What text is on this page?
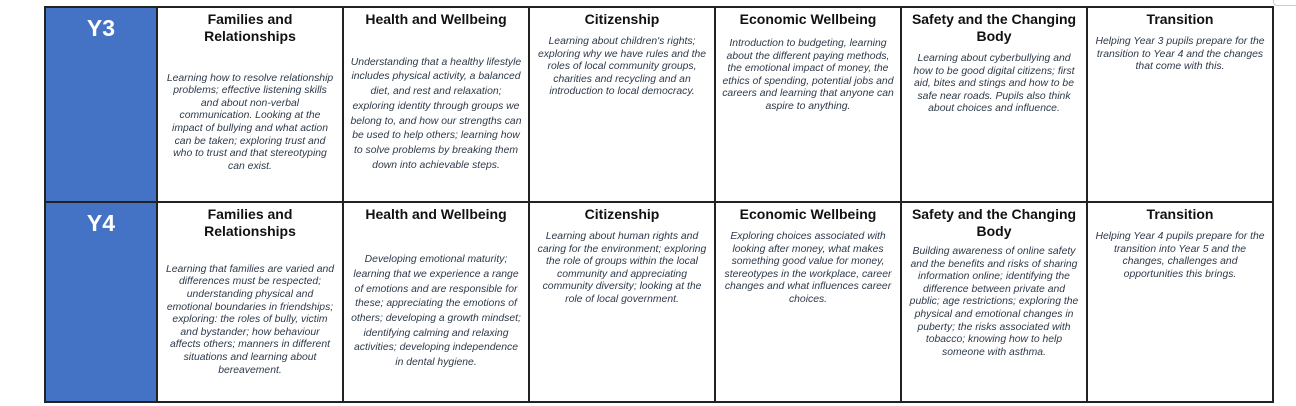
Y3	Families and Relationships
Learning how to resolve relationship problems; effective listening skills and about non-verbal communication. Looking at the impact of bullying and what action can be taken; exploring trust and who to trust and that stereotyping can exist.
Health and Wellbeing
Understanding that a healthy lifestyle includes physical activity, a balanced diet, and rest and relaxation; exploring identity through groups we belong to, and how our strengths can be used to help others; learning how to solve problems by breaking them down into achievable steps.
Citizenship
Learning about children's rights; exploring why we have rules and the roles of local community groups, charities and recycling and an introduction to local democracy.
Economic Wellbeing
Introduction to budgeting, learning about the different paying methods, the emotional impact of money, the ethics of spending, potential jobs and careers and learning that anyone can aspire to anything.
Safety and the Changing Body
Learning about cyberbullying and how to be good digital citizens; first aid, bites and stings and how to be safe near roads. Pupils also think about choices and influence.
Transition
Helping Year 3 pupils prepare for the transition to Year 4 and the changes that come with this.
Y4	Families and Relationships
Learning that families are varied and differences must be respected; understanding physical and emotional boundaries in friendships; exploring: the roles of bully, victim and bystander; how behaviour affects others; manners in different situations and learning about bereavement.
Health and Wellbeing
Developing emotional maturity; learning that we experience a range of emotions and are responsible for these; appreciating the emotions of others; developing a growth mindset; identifying calming and relaxing activities; developing independence in dental hygiene.
Citizenship
Learning about human rights and caring for the environment; exploring the role of groups within the local community and appreciating community diversity; looking at the role of local government.
Economic Wellbeing
Exploring choices associated with looking after money, what makes something good value for money, stereotypes in the workplace, career changes and what influences career choices.
Safety and the Changing Body
Building awareness of online safety and the benefits and risks of sharing information online; identifying the difference between private and public; age restrictions; exploring the physical and emotional changes in puberty; the risks associated with tobacco; knowing how to help someone with asthma.
Transition
Helping Year 4 pupils prepare for the transition into Year 5 and the changes, challenges and opportunities this brings.
